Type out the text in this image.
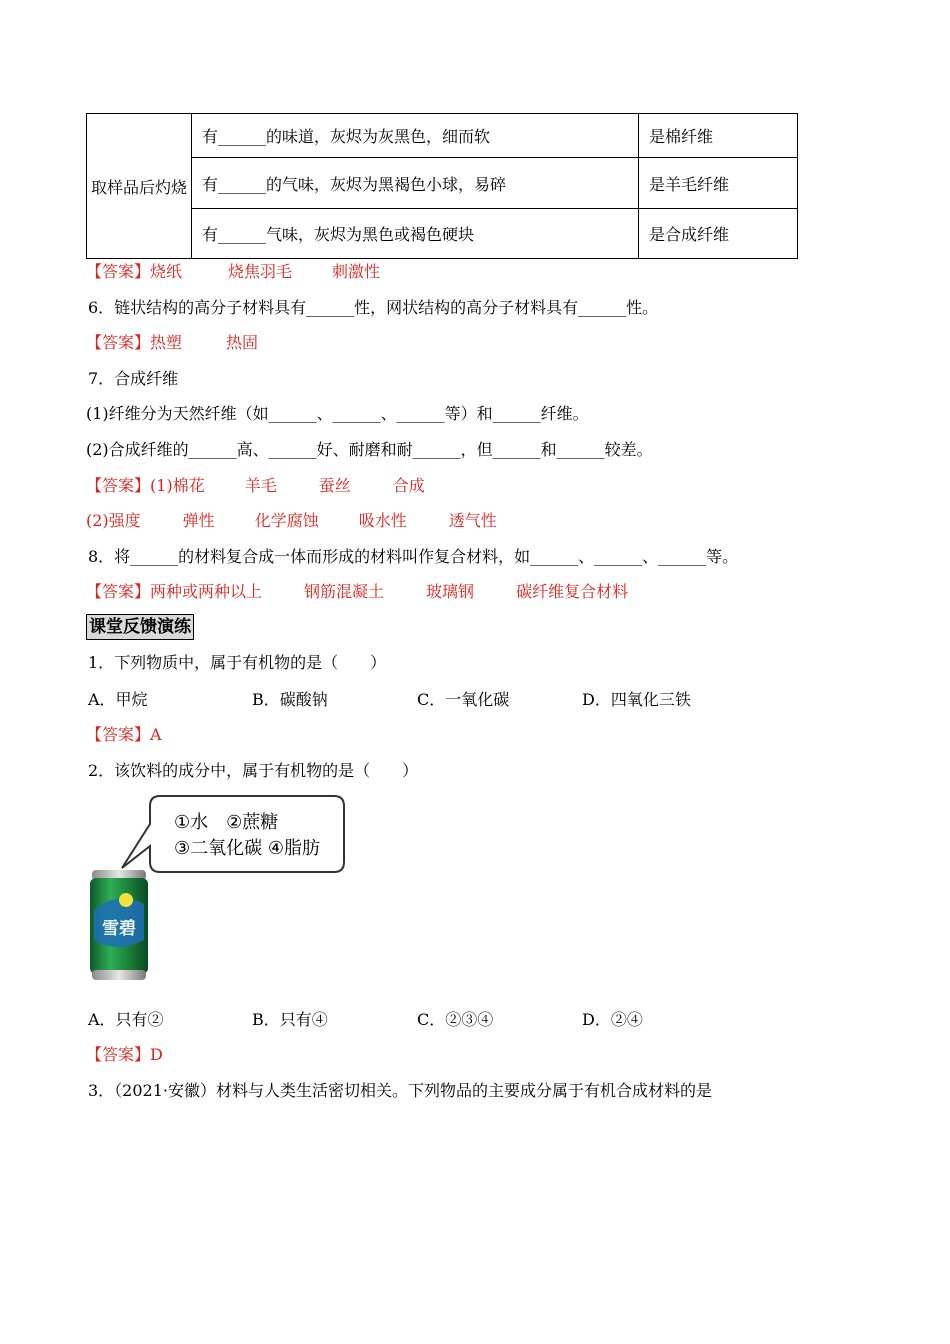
取样品后灼烧	有______的味道，灰烬为灰黑色，细而软	是棉纤维
	有______的气味，灰烬为黑褐色小球，易碎	是羊毛纤维
	有______气味，灰烬为黑色或褐色硬块	是合成纤维
【答案】烧纸	烧焦羽毛	刺激性
6．链状结构的高分子材料具有______性，网状结构的高分子材料具有______性。
【答案】热塑	热固
7．合成纤维
(1)纤维分为天然纤维（如______、______、______等）和______纤维。
(2)合成纤维的______高、______好、耐磨和耐______，但______和______较差。
【答案】(1)棉花	羊毛	蚕丝	合成
(2)强度	弹性	化学腐蚀	吸水性	透气性
8．将______的材料复合成一体而形成的材料叫作复合材料，如______、______、______等。
【答案】两种或两种以上	钢筋混凝土	玻璃钢	碳纤维复合材料
课堂反馈演练
1．下列物质中，属于有机物的是（　　）
A．甲烷	B．碳酸钠	C．一氧化碳	D．四氧化三铁
【答案】A
2．该饮料的成分中，属于有机物的是（　　）
①水　②蔗糖
③二氧化碳 ④脂肪
雪碧
A．只有②	B．只有④	C．②③④	D．②④
【答案】D
3．（2021·安徽）材料与人类生活密切相关。下列物品的主要成分属于有机合成材料的是
